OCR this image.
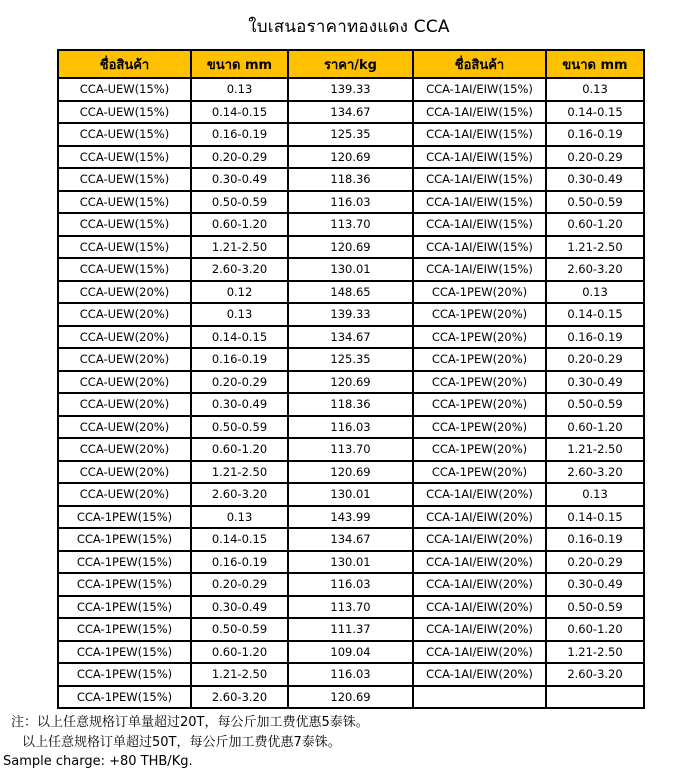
ใบเสนอราคาทองแดง CCA
ชื่อสินค้า	ขนาด mm	ราคา/kg	ชื่อสินค้า	ขนาด mm
CCA-UEW(15%)	0.13	139.33	CCA-1AI/EIW(15%)	0.13
CCA-UEW(15%)	0.14-0.15	134.67	CCA-1AI/EIW(15%)	0.14-0.15
CCA-UEW(15%)	0.16-0.19	125.35	CCA-1AI/EIW(15%)	0.16-0.19
CCA-UEW(15%)	0.20-0.29	120.69	CCA-1AI/EIW(15%)	0.20-0.29
CCA-UEW(15%)	0.30-0.49	118.36	CCA-1AI/EIW(15%)	0.30-0.49
CCA-UEW(15%)	0.50-0.59	116.03	CCA-1AI/EIW(15%)	0.50-0.59
CCA-UEW(15%)	0.60-1.20	113.70	CCA-1AI/EIW(15%)	0.60-1.20
CCA-UEW(15%)	1.21-2.50	120.69	CCA-1AI/EIW(15%)	1.21-2.50
CCA-UEW(15%)	2.60-3.20	130.01	CCA-1AI/EIW(15%)	2.60-3.20
CCA-UEW(20%)	0.12	148.65	CCA-1PEW(20%)	0.13
CCA-UEW(20%)	0.13	139.33	CCA-1PEW(20%)	0.14-0.15
CCA-UEW(20%)	0.14-0.15	134.67	CCA-1PEW(20%)	0.16-0.19
CCA-UEW(20%)	0.16-0.19	125.35	CCA-1PEW(20%)	0.20-0.29
CCA-UEW(20%)	0.20-0.29	120.69	CCA-1PEW(20%)	0.30-0.49
CCA-UEW(20%)	0.30-0.49	118.36	CCA-1PEW(20%)	0.50-0.59
CCA-UEW(20%)	0.50-0.59	116.03	CCA-1PEW(20%)	0.60-1.20
CCA-UEW(20%)	0.60-1.20	113.70	CCA-1PEW(20%)	1.21-2.50
CCA-UEW(20%)	1.21-2.50	120.69	CCA-1PEW(20%)	2.60-3.20
CCA-UEW(20%)	2.60-3.20	130.01	CCA-1AI/EIW(20%)	0.13
CCA-1PEW(15%)	0.13	143.99	CCA-1AI/EIW(20%)	0.14-0.15
CCA-1PEW(15%)	0.14-0.15	134.67	CCA-1AI/EIW(20%)	0.16-0.19
CCA-1PEW(15%)	0.16-0.19	130.01	CCA-1AI/EIW(20%)	0.20-0.29
CCA-1PEW(15%)	0.20-0.29	116.03	CCA-1AI/EIW(20%)	0.30-0.49
CCA-1PEW(15%)	0.30-0.49	113.70	CCA-1AI/EIW(20%)	0.50-0.59
CCA-1PEW(15%)	0.50-0.59	111.37	CCA-1AI/EIW(20%)	0.60-1.20
CCA-1PEW(15%)	0.60-1.20	109.04	CCA-1AI/EIW(20%)	1.21-2.50
CCA-1PEW(15%)	1.21-2.50	116.03	CCA-1AI/EIW(20%)	2.60-3.20
CCA-1PEW(15%)	2.60-3.20	120.69		
注：以上任意规格订单量超过20T，每公斤加工费优惠5泰铢。
以上任意规格订单超过50T，每公斤加工费优惠7泰铢。
Sample charge: +80 THB/Kg.
